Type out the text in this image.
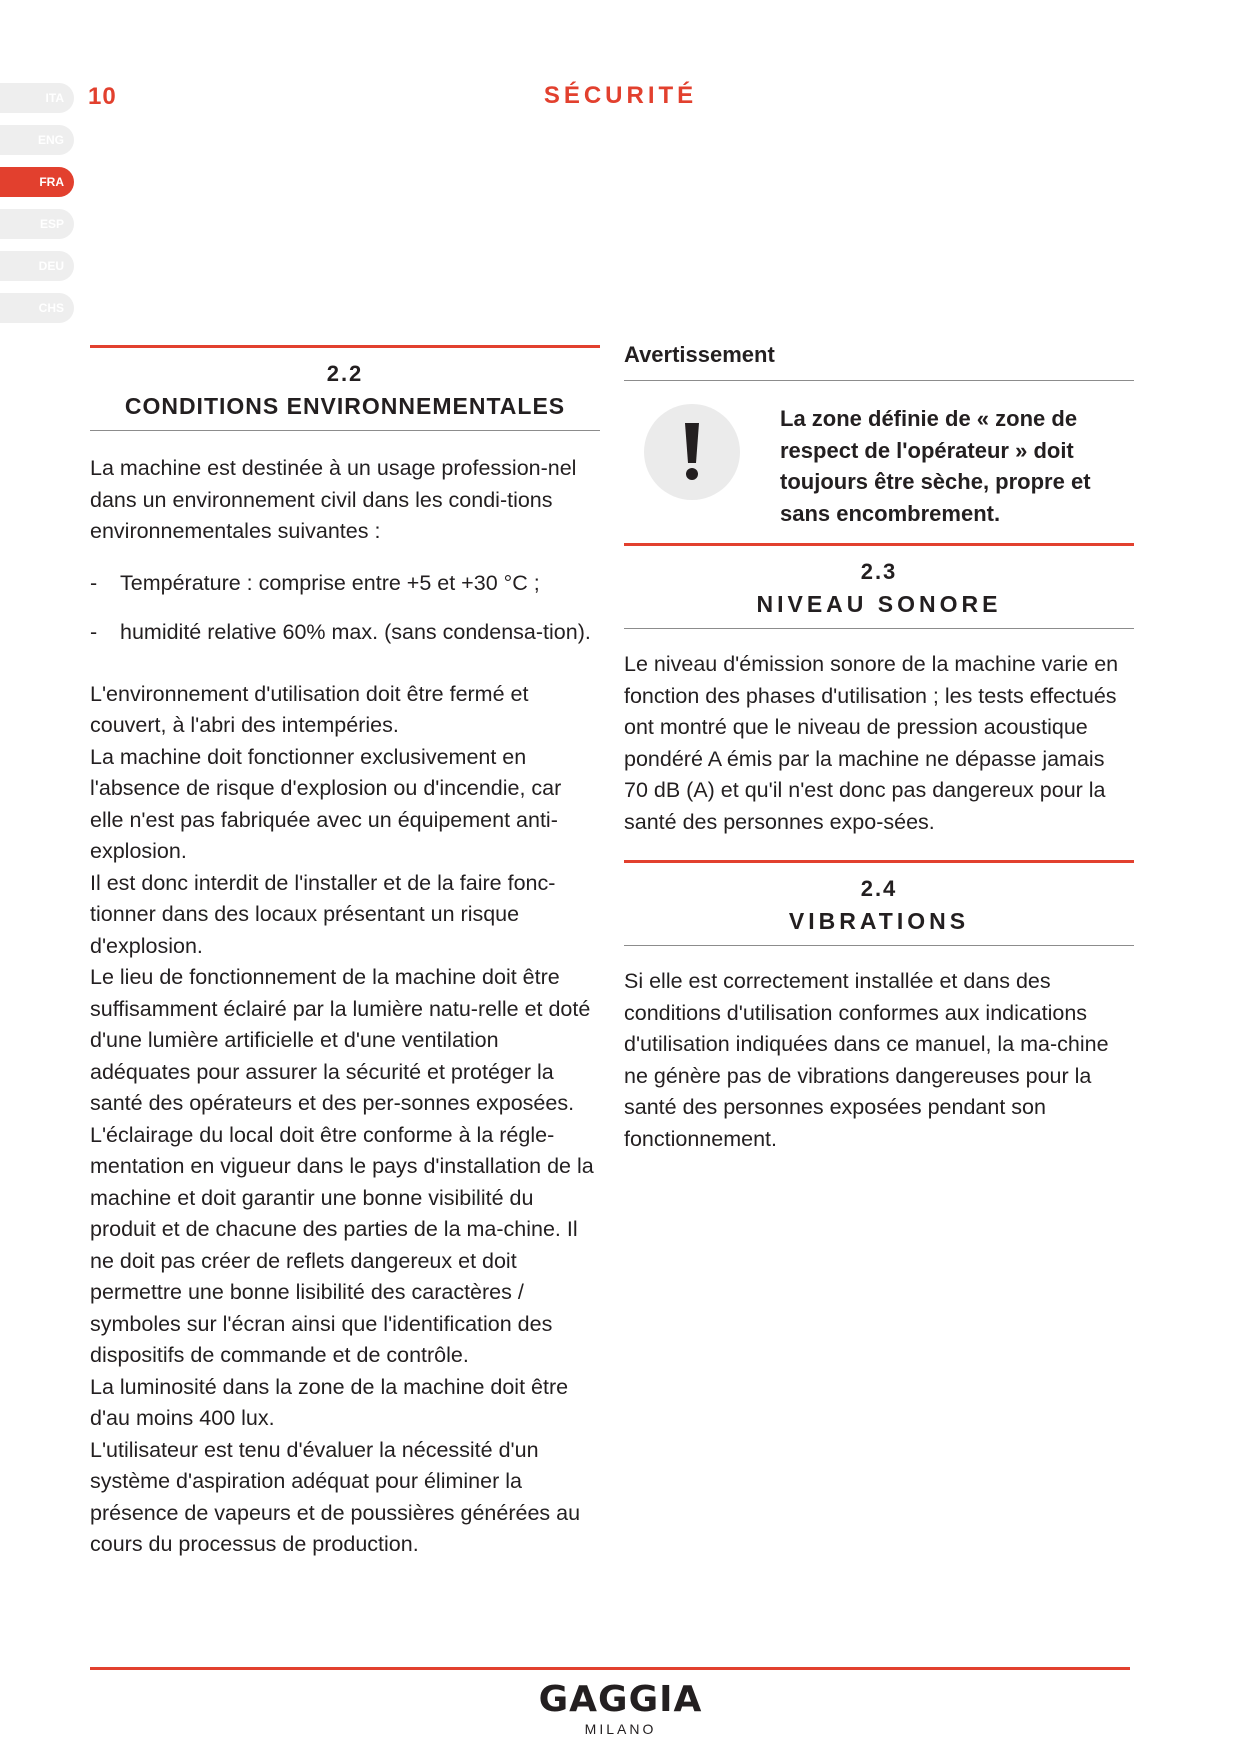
ITA
ENG
FRA
ESP
DEU
CHS
10	SÉCURITÉ
2.2
CONDITIONS ENVIRONNEMENTALES

La machine est destinée à un usage profession-nel dans un environnement civil dans les condi-tions environnementales suivantes :

- Température : comprise entre +5 et +30 °C ;
- humidité relative 60% max. (sans condensa-tion).

L'environnement d'utilisation doit être fermé et couvert, à l'abri des intempéries.

La machine doit fonctionner exclusivement en l'absence de risque d'explosion ou d'incendie, car elle n'est pas fabriquée avec un équipement anti-explosion.

Il est donc interdit de l'installer et de la faire fonc-tionner dans des locaux présentant un risque d'explosion.

Le lieu de fonctionnement de la machine doit être suffisamment éclairé par la lumière natu-relle et doté d'une lumière artificielle et d'une ventilation adéquates pour assurer la sécurité et protéger la santé des opérateurs et des per-sonnes exposées.

L'éclairage du local doit être conforme à la régle-mentation en vigueur dans le pays d'installation de la machine et doit garantir une bonne visibilité du produit et de chacune des parties de la ma-chine. Il ne doit pas créer de reflets dangereux et doit permettre une bonne lisibilité des caractères / symboles sur l'écran ainsi que l'identification des dispositifs de commande et de contrôle.

La luminosité dans la zone de la machine doit être d'au moins 400 lux.

L'utilisateur est tenu d'évaluer la nécessité d'un système d'aspiration adéquat pour éliminer la présence de vapeurs et de poussières générées au cours du processus de production.

Avertissement
La zone définie de « zone de respect de l'opérateur » doit toujours être sèche, propre et sans encombrement.
2.3
NIVEAU SONORE
Le niveau d'émission sonore de la machine varie en fonction des phases d'utilisation ; les tests effectués ont montré que le niveau de pression acoustique pondéré A émis par la machine ne dépasse jamais 70 dB (A) et qu'il n'est donc pas dangereux pour la santé des personnes expo-sées.
2.4
VIBRATIONS
Si elle est correctement installée et dans des conditions d'utilisation conformes aux indications d'utilisation indiquées dans ce manuel, la ma-chine ne génère pas de vibrations dangereuses pour la santé des personnes exposées pendant son fonctionnement.
GAGGIA
MILANO
